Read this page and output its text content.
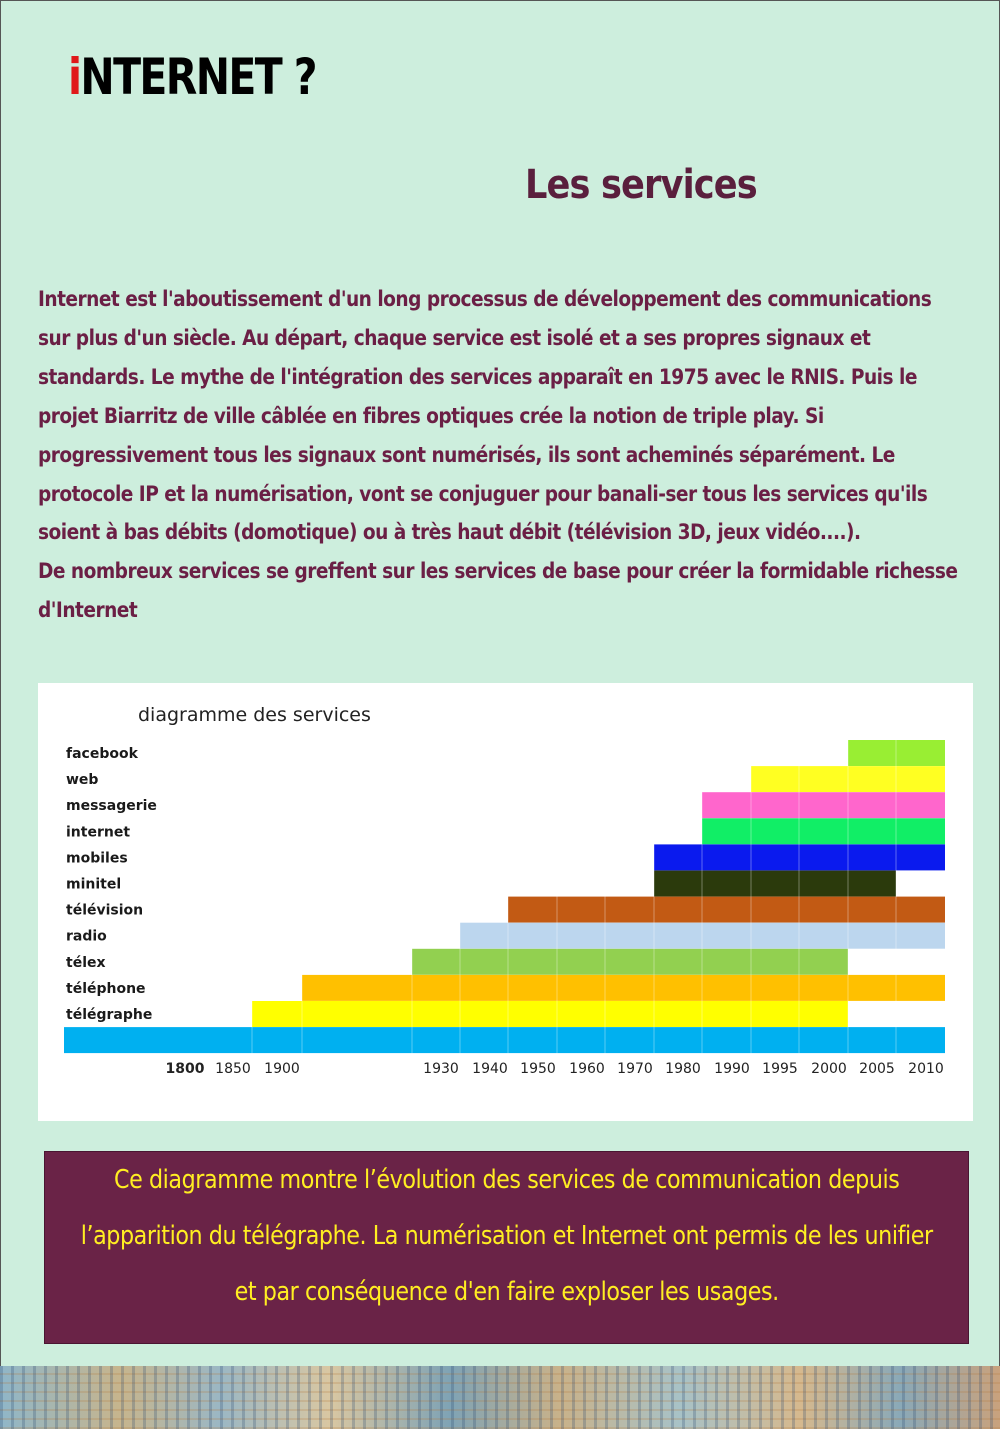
iNTERNET ?
Les services

Internet est l'aboutissement d'un long processus de développement des communications sur plus d'un siècle. Au départ, chaque service est isolé et a ses propres signaux et standards. Le mythe de l'intégration des services apparaît en 1975 avec le RNIS. Puis le projet Biarritz de ville câblée en fibres optiques crée la notion de triple play. Si progressivement tous les signaux sont numérisés, ils sont acheminés séparément. Le protocole IP et la numérisation, vont se conjuguer pour banali-ser tous les services qu'ils soient à bas débits (domotique) ou à très haut débit (télévision 3D, jeux vidéo....).

De nombreux services se greffent sur les services de base pour créer la formidable richesse d'Internet

diagramme des services
facebook
web
messagerie
internet
mobiles
minitel
télévision
radio
télex
téléphone
télégraphe
1800 1850 1900	1930 1940 1950 1960 1970 1980 1990 1995 2000 2005 2010

Ce diagramme montre l’évolution des services de communication depuis

l’apparition du télégraphe. La numérisation et Internet ont permis de les unifier

et par conséquence d'en faire exploser les usages.
